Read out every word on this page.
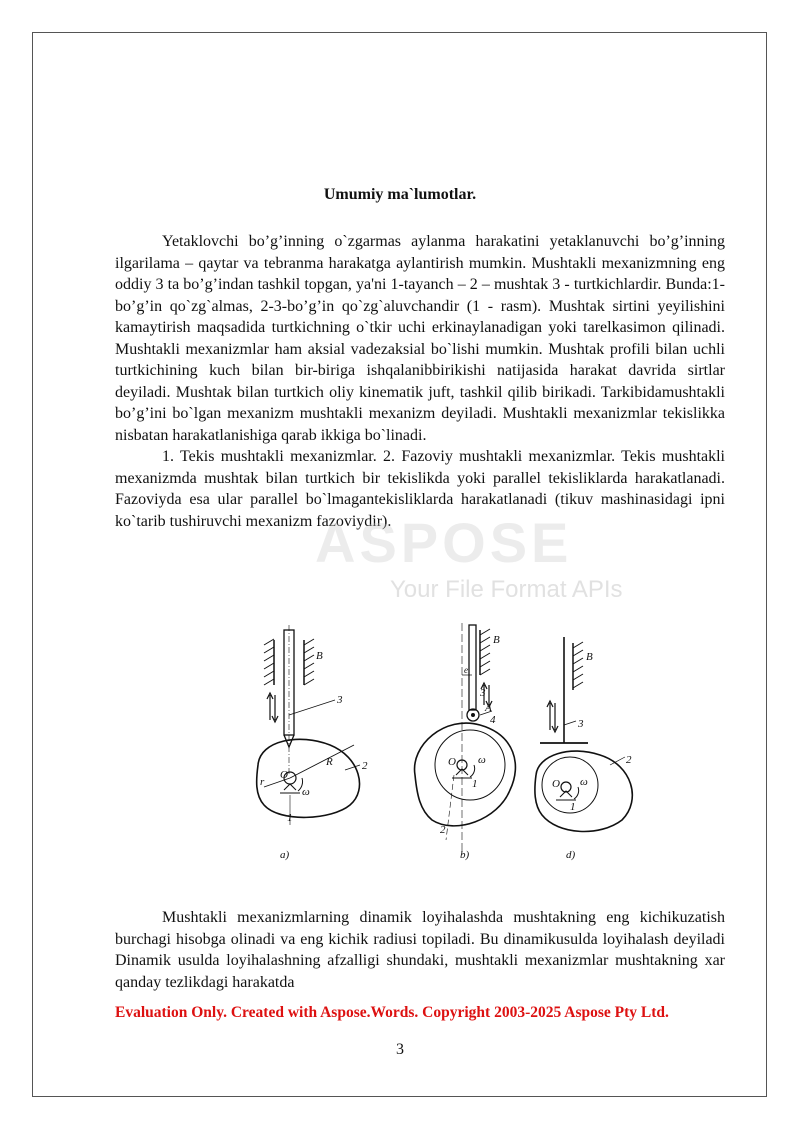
Umumiy ma`lumotlar.

Yetaklovchi bo’g’inning o`zgarmas aylanma harakatini yetaklanuvchi bo’g’inning ilgarilama – qaytar va tebranma harakatga aylantirish mumkin. Mushtakli mexanizmning eng oddiy 3 ta bo’g’indan tashkil topgan, ya'ni 1-tayanch – 2 – mushtak 3 - turtkichlardir. Bunda:1-bo’g’in qo`zg`almas, 2-3-bo’g’in qo`zg`aluvchandir (1 - rasm). Mushtak sirtini yeyilishini kamaytirish maqsadida turtkichning o`tkir uchi erkinaylanadigan yoki tarelkasimon qilinadi. Mushtakli mexanizmlar ham aksial vadezaksial bo`lishi mumkin. Mushtak profili bilan uchli turtkichining kuch bilan bir-biriga ishqalanibbirikishi natijasida harakat davrida sirtlar deyiladi. Mushtak bilan turtkich oliy kinematik juft, tashkil qilib birikadi. Tarkibidamushtakli bo’g’ini bo`lgan mexanizm mushtakli mexanizm deyiladi. Mushtakli mexanizmlar tekislikka nisbatan harakatlanishiga qarab ikkiga bo`linadi.

1. Tekis mushtakli mexanizmlar. 2. Fazoviy mushtakli mexanizmlar. Tekis mushtakli mexanizmda mushtak bilan turtkich bir tekislikda yoki parallel tekisliklarda harakatlanadi. Fazoviyda esa ular parallel bo`lmagantekisliklarda harakatlanadi (tikuv mashinasidagi ipni ko`tarib tushiruvchi mexanizm fazoviydir).

ASPOSE
Your File Format APIs
B
3
R	2
r
O
ω
1
a)
B
e
3
A
4
O ω
1
2
b)
B
3
2
O ω
1
d)

Mushtakli mexanizmlarning dinamik loyihalashda mushtakning eng kichikuzatish burchagi hisobga olinadi va eng kichik radiusi topiladi. Bu dinamikusulda loyihalash deyiladi Dinamik usulda loyihalashning afzalligi shundaki, mushtakli mexanizmlar mushtakning xar qanday tezlikdagi harakatda

Evaluation Only. Created with Aspose.Words. Copyright 2003-2025 Aspose Pty Ltd.
3
